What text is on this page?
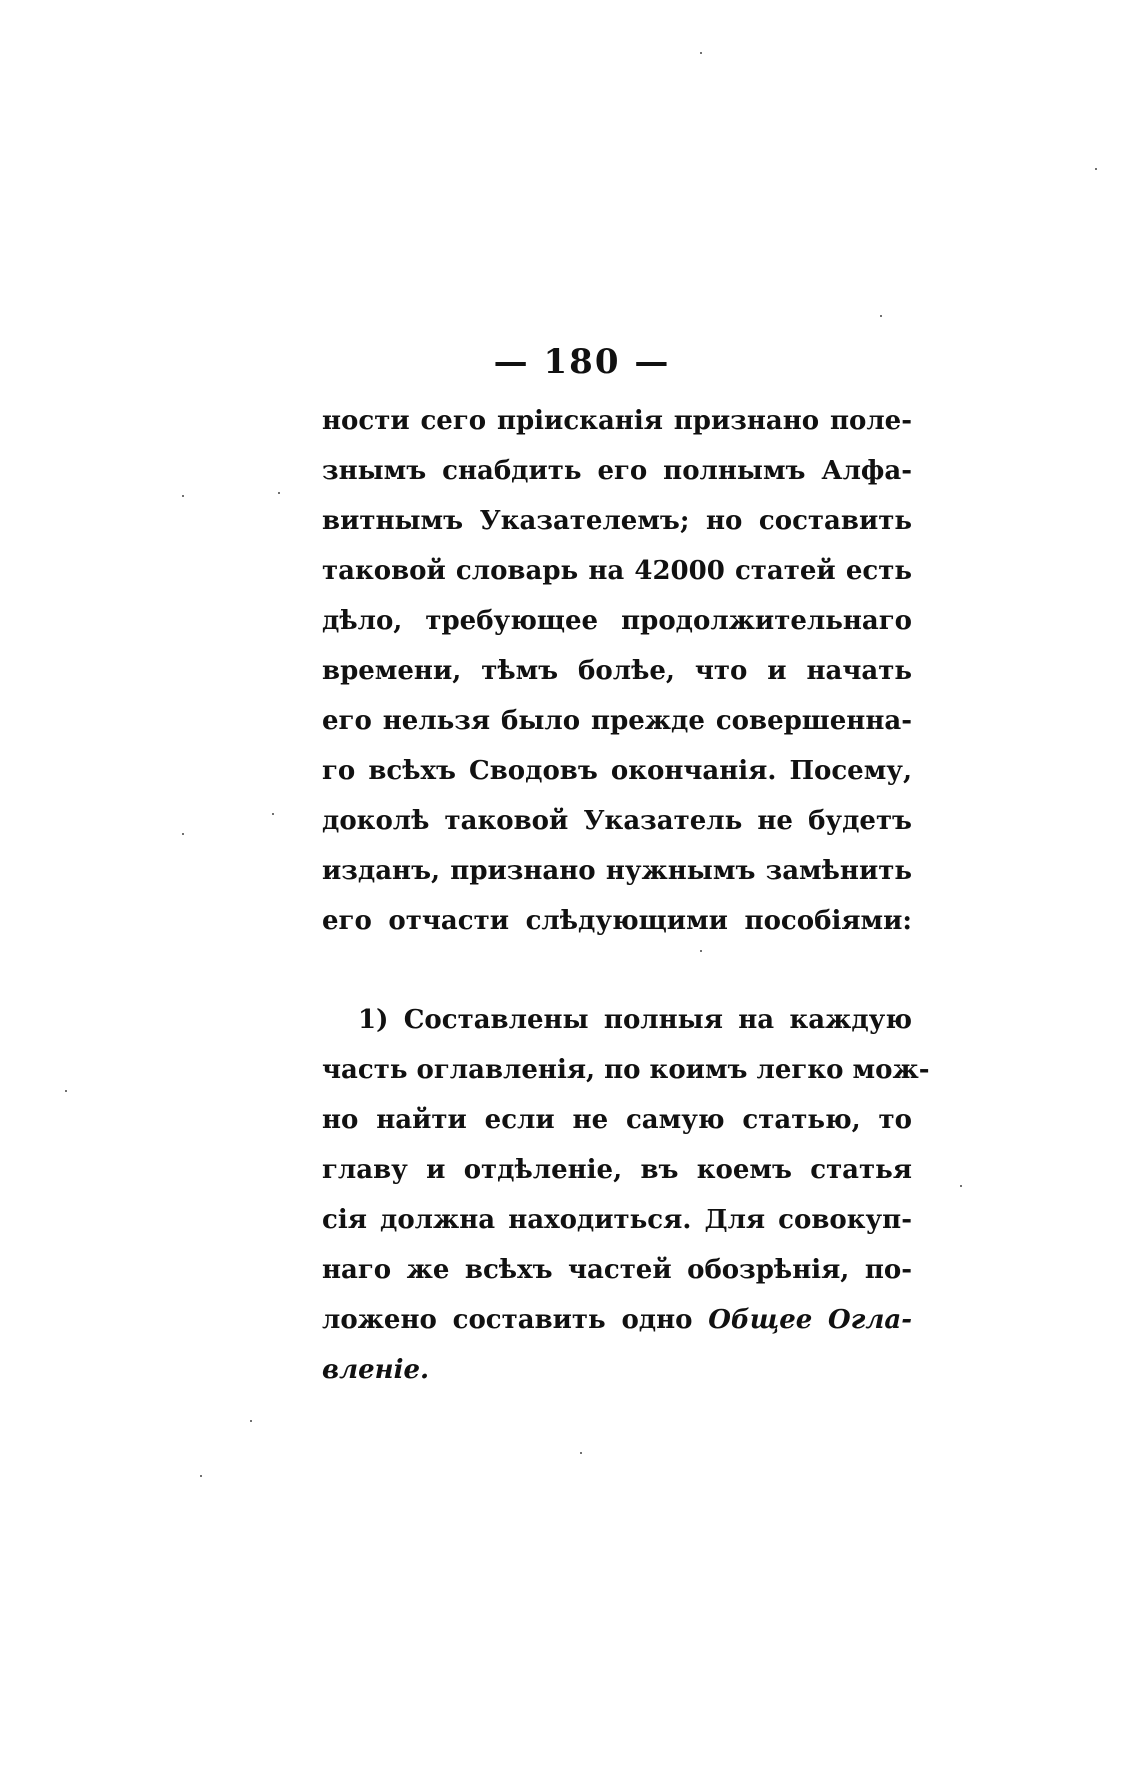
— 180 —
ности сего прiисканiя признано поле-
знымъ снабдить его полнымъ Алфа-
витнымъ Указателемъ; но составить
таковой словарь на 42000 статей есть
дѣло, требующее продолжительнаго
времени, тѣмъ болѣе, что и начать
его нельзя было прежде совершеннa-
го всѣхъ Сводовъ окончанiя. Посему,
доколѣ таковой Указатель не будетъ
изданъ, признано нужнымъ замѣнить
его отчасти слѣдующими пособiями:
1) Составлены полныя на каждую
часть оглавленiя, по коимъ легко мож-
но найти если не самую статью, то
главу и отдѣленiе, въ коемъ статья
сiя должна находиться. Для совокуп-
наго же всѣхъ частей обозрѣнiя, по-
ложено составить одно Общее Огла-
вленiе.
